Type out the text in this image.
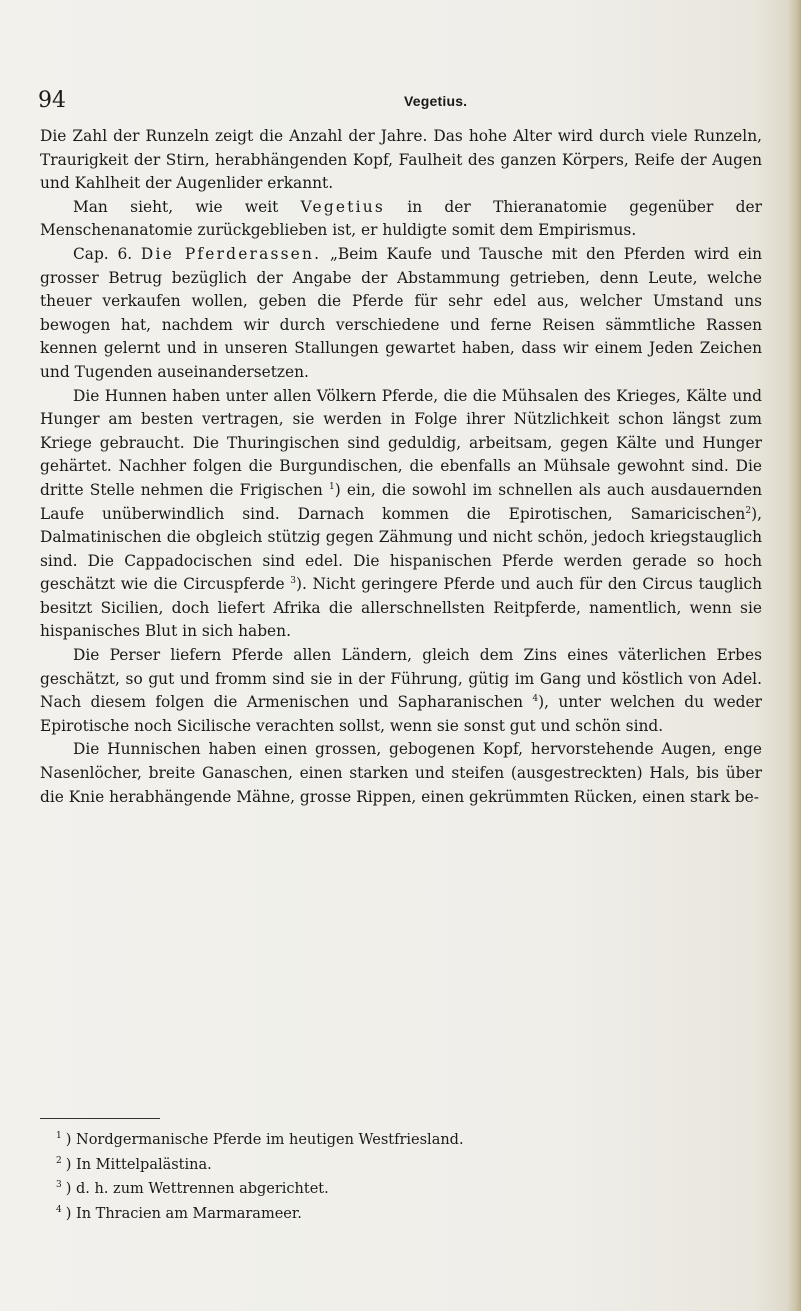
94	Vegetius.

Die Zahl der Runzeln zeigt die Anzahl der Jahre. Das hohe Alter wird durch viele Runzeln, Traurigkeit der Stirn, herabhängenden Kopf, Faulheit des ganzen Körpers, Reife der Augen und Kahlheit der Augenlider erkannt.

Man sieht, wie weit Vegetius in der Thieranatomie gegenüber der Menschenanatomie zurückgeblieben ist, er huldigte somit dem Empirismus.

Cap. 6. Die Pferderassen. „Beim Kaufe und Tausche mit den Pferden wird ein grosser Betrug bezüglich der Angabe der Abstammung getrieben, denn Leute, welche theuer verkaufen wollen, geben die Pferde für sehr edel aus, welcher Umstand uns bewogen hat, nachdem wir durch verschiedene und ferne Reisen sämmtliche Rassen kennen gelernt und in unseren Stallungen gewartet haben, dass wir einem Jeden Zeichen und Tugenden auseinandersetzen.

Die Hunnen haben unter allen Völkern Pferde, die die Mühsalen des Krieges, Kälte und Hunger am besten vertragen, sie werden in Folge ihrer Nützlichkeit schon längst zum Kriege gebraucht. Die Thuringischen sind geduldig, arbeitsam, gegen Kälte und Hunger gehärtet. Nachher folgen die Burgundischen, die ebenfalls an Mühsale gewohnt sind. Die dritte Stelle nehmen die Frigischen $^1$) ein, die sowohl im schnellen als auch ausdauernden Laufe unüberwindlich sind. Darnach kommen die Epirotischen, Samaricischen$^2$), Dalmatinischen die obgleich stützig gegen Zähmung und nicht schön, jedoch kriegstauglich sind. Die Cappadocischen sind edel. Die hispanischen Pferde werden gerade so hoch geschätzt wie die Circuspferde $^3$). Nicht geringere Pferde und auch für den Circus tauglich besitzt Sicilien, doch liefert Afrika die allerschnellsten Reitpferde, namentlich, wenn sie hispanisches Blut in sich haben.

Die Perser liefern Pferde allen Ländern, gleich dem Zins eines väterlichen Erbes geschätzt, so gut und fromm sind sie in der Führung, gütig im Gang und köstlich von Adel. Nach diesem folgen die Armenischen und Sapharanischen $^4$), unter welchen du weder Epirotische noch Sicilische verachten sollst, wenn sie sonst gut und schön sind.

Die Hunnischen haben einen grossen, gebogenen Kopf, hervorstehende Augen, enge Nasenlöcher, breite Ganaschen, einen starken und steifen (ausgestreckten) Hals, bis über die Knie herabhängende Mähne, grosse Rippen, einen gekrümmten Rücken, einen stark be-

$^1$ ) Nordgermanische Pferde im heutigen Westfriesland.

$^2$ ) In Mittelpalästina.

$^3$ ) d. h. zum Wettrennen abgerichtet.

$^4$ ) In Thracien am Marmarameer.
